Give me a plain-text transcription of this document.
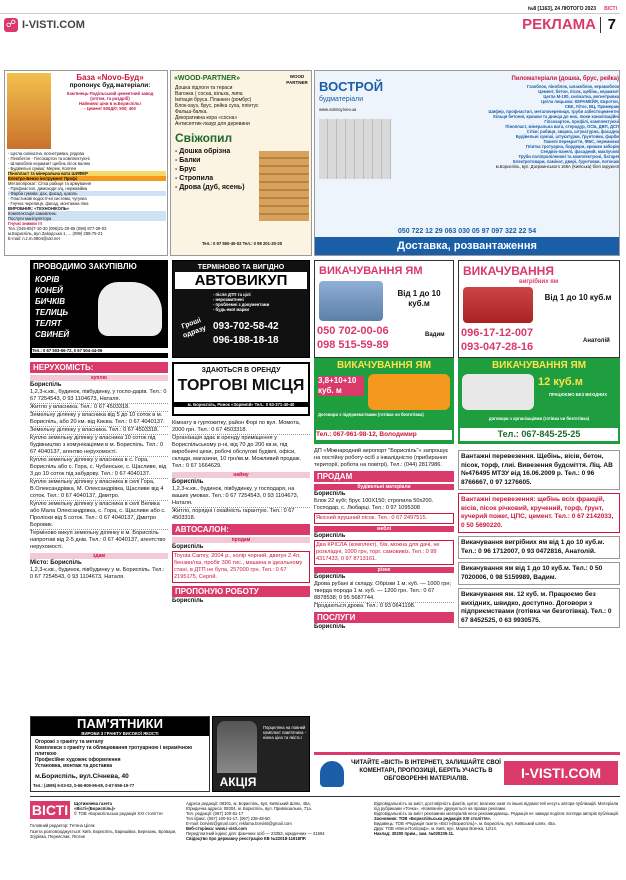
№8 [1163], 24 ЛЮТОГО 2023 ВІСТІ
☍ I-VISTI.COM	РЕКЛАМА 7
База «Novo-Буд»
пропонує буд.матеріали:
Кам'янець-Подільський цементний завод
(оптом, та роздріб)
Найнижчі ціни в м.Бориспіль!
- Цемент 500Д/0; 500; 400
- Цегла силікатна, вогнетривка, рядова
- Пінобетон - Гіпсокартон та комплектуючі
- Шлакоблок керамзит щебінь пісок валню
- Будівельні суміші; Мереж, Колпен
Пінопласт та мінеральна вата ШИФЕР
Електро-Бензо інструмент Профі
Металопрокат: Сітка рабиця та армування
- Профнастил, димоходи з/ц, нержавійка
- Фарба гумова: дах, фасад, цоколь
- Пластикові водостічні системи, чугунка
- Гнучка черепиця, фасад, монтажна піна
ВИРОБНИК: «ТЕХНОНІКОЛЬ»
Комплектація замовлень
Послуги маніпулятора
Гнучкі знижки !!!
Тел.:(045-95)7-10-30 (096)21-20-85 (098) 877-29-03
м.Бориспіль, вул.Заводська 1, ... (099) 288-75-21
E-mail: n.z.m.0804@ukr.net
«WOOD-PARTNER»	WOOD PARTNER
Дошка підлоги та тераси
Вагонка ( сосна, вільха, липа
Імітація бруса. Планкен (ромбус)
Блок-хауз, брус, рейка сухa, плінтус
Фальш-балка.
Декоративна кора «сосна»
Антисептик-лазур для деревини
Свіжопил
- Дошка обрізна
- Балки
- Брус
- Стропила
- Дрова (дуб, ясень)
Тел.: 0 97 550-40-02 Тел.: 0 98 201-20-20
ВОСТРОЙ
будматеріали
www.vostroy.kiev.ua
Пиломатеріали (дошка, брус, рейка)
Газоблок, піноблок, шлакоблок, керамоблок
Цемент, бетон, пісок, щебінь, керамзит
Цегла М-100, силікатна, вогнетривка
Цегла лицьова: КЕРАМЕЙЯ, Єврoтон,
СБК, Літос, ВЦ, Примерам
Шифер, профнастил, металочерепиця, труби азбестоцементні
Кільця бетонні, кришки та днища до них, люки каналізаційні
Гіпсокартон, профілі, комплектуючі
Пінопласт, мінеральна вата, стеродур, ОСБ, ДВП, ДСП
Сітки: рабиця, зварна, штукатурна, фасадна
Будівельні суміші, штукатурки, ґрунтовки, фарби
Панелі перекриття, ФБС, перемички
Плитка тротуарна, бордюри, кришки заборів
Сендвіч-панелі, фасадний, маклучові
Труби поліпропіленові та комплектуючі, батареї
Електротовари, ламінат, двері, ґрунтовки, погонаж
м.Бориспіль, вул. Дзержинського 166А (Київська) біля окружної
050 722 12 29 063 030 05 97 097 322 22 54
Доставка, розвантаження
ПРОВОДИМО ЗАКУПІВЛЮ
КОРІВ
КОНЕЙ
БИЧКІВ
ТЕЛИЦЬ
ТЕЛЯТ
СВИНЕЙ
Тел.: 0 67 503-66-72, 0 67 504-44-06
ТЕРМІНОВО ТА ВИГІДНО
АВТОВИКУП
- після ДТП та цілі
- нерозмитнені
- проблемні з документами
- будь-якої марки
Гроші одразу 093-702-58-42
096-188-18-18
ВИКАЧУВАННЯ ЯМ
Від 1 до 10 куб.м
050 702-00-06
098 515-59-89
Вадим
ВИКАЧУВАННЯ
вигрібних ям
Від 1 до 10 куб.м
096-17-12-007
093-047-28-16	Анатолій
НЕРУХОМІСТЬ:
куплю
Бориспіль
1,2,3-к.кв., будинок, півбудинку, у госпо-дарів. Тел.: 0 67 7254543, 0 93 1104673, Наталя.
Житло у власника. Тел.: 0 67 4503318.
Земельну ділянку у власника від 5 до 10 соток в м. Бориспіль, або 20 км. від Києва. Тел.: 0 67 4040137.
Земельну ділянку у власника. Тел.: 0 67 4503318.
Куплю земельну ділянку у власника 10 соток під будівництво з комунікаціями в м. Бориспіль. Тел.: 0 67 4040137, агентво нерухомості.
Куплю земельну ділянку у власника в с. Гора, Бориспіль або с. Гора, с. Чубинське, с. Щасливе, від 3 до 10 соток під забудову. Тел.: 0 67 4040137.
Куплю земельну ділянку у власника в селі Гора, В.Олександрівка, М. Олександрівка, Щасливе від 4 соток. Тел.: 0 67 4040137, Дмитро.
Куплю земельну ділянку у власника в селі Велика або Мала Олександрівка, с. Гора, с. Щасливе або с. Проліски від 5 соток. Тел.: 0 67 4040137, Дмитро Боровик.
Терміново викуп земельну ділянку в м. Бориспіль напротові від 2-5 днів. Тел.: 0 67 4040137, агентство нерухомості.
здам
Місто: Бориспіль
1,2,3-к.кв., будинок, півбудинку у м. Бориспіль. Тел.: 0 67 7254543, 0 93 1104673, Наталя.
ЗДАЮТЬСЯ В ОРЕНДУ
ТОРГОВІ МІСЦЯ
м. Бориспіль, Ринок «Зорянпй» Тел.: 0 63-371-40-40
Кімнату в гуртожитку, район Форі по вул. Момота, 2000 грн. Тел.: 0 67 4503318.
Організація здає в оренду приміщення у Бориспільському р-ні, від 70 до 200 кв.м, під виробничі цехи, робочі обслугові будівлі, офіси, склади, магазини, 10 грн/кв.м. Можливий продаж. Тел.: 0 67 1664629.
найму
Бориспіль
1,2,3-к.кв., будинок, півбудинку, у господаря, на ваших умовах. Тел.: 0 67 7254543, 0 93 1104673, Наталя.
Житло, порядні і охайність гарантую. Тел.: 0 67 4503318.
АВТОСАЛОН:
продам
Бориспіль
Toyota Camry, 2004 р., колір чорний, двигун 2.4л, бензин/газ, пробіг 306 тис., машина в ідеальному стані, в ДТП не була, 257000 грн. Тел.: 0 67 2195175, Сергій.
ПРОПОНУЮ РОБОТУ
Бориспіль
ВИКАЧУВАННЯ ЯМ
3,8+10+10 куб. м
Договори з підприємствами (готівка чи безготівка)
Тел.: 067-961-98-12, Володимир
ДП «Міжнародний аеропорт "Бориспіль"» запрошує на постійну роботу осіб з інвалідністю (прибирання території, робота на повітрі). Тел.: (044) 2817986.
ПРОДАМ
будівельні матеріали
Бориспіль
Блок 22 кубі; брус 100Х150; стропила 50х200. Господар, с. Любарці. Тел.: 0 97 1095308
Якісний ярушний пісок. Тел.: 0 67 2497515.
меблі
Бориспіль
Два КРІСЛА (комплект), б/в, можна для дачі, не розкладні, 1000 грн, торг. самовивіз. Тел.: 0 99 4317433, 0 97 8713161.
різне
Бориспіль
Дрова рубані зі складу. Обрізки 1 м. куб. — 1000 грн; тверда порода 1 м. куб. — 1200 грн. Тел.: 0 67 8878538; 0 95 5687744.
Продаються дрова. Тел.: 0 93 0641198.
ПОСЛУГИ
Бориспіль
ВИКАЧУВАННЯ ЯМ
12 куб.м
ПРАЦЮЄМО БЕЗ ВИХІДНИХ
договори з організаціями (готівка чи безготівка)
Тел.: 067-845-25-25
Вантажні перевезення. Щебінь, вісів, бетон, пісок, торф, глиі. Вивезення будсміття. Ліц. АВ №476495 МТЗУ від 16.06.2009 р. Тел.: 0 96 8766667, 0 97 1276605.
Вантажні перевезення: щебінь всіх фракцій, вісів, пісок річковий, кручений, торф, ґрунт, кучерий пожег, ЦПС, цемент. Тел.: 0 67 2142033, 0 50 5690220.
Викачування вигрібних ям від 1 до 10 куб.м. Тел.: 0 96 1712007, 0 93 0472816, Анатолій.
Викачування ям від 1 до 10 куб.м. Тел.: 0 50 7020006, 0 98 5159989, Вадим.
Викачування ям. 12 куб. м. Працюємо без вихідних, швидко, доступно. Договори з підприємствами (готівка чи безготівка). Тел.: 0 67 8452525, 0 63 9930575.
ПАМ'ЯТНИКИ
ВИРОБИ З ГРАНІТУ ВИСОКОЇ ЯКОСТІ
Огорожі з граніту та металу
Комплекси з граніту та облицювання тротуарною і керамічною плиткою
Професійне художнє оформлення
Установка, монтаж та доставка
м.Бориспіль, вул.Січнева, 40
Тел.: (4595) 6-03-02, 0-66-909-96-69, 0-67-556-19-77	АКЦІЯ
Порцеляна на повний комплект пам'ятника - ніжна ціна та якість!
ЧИТАЙТЕ «ВІСТІ» В ІНТЕРНЕТІ, ЗАЛИШАЙТЕ СВОЇ КОМЕНТАРІ, ПРОПОЗИЦІЇ, БЕРІТЬ УЧАСТЬ В ОБГОВОРЕННІ МАТЕРІАЛІВ.	I-VISTI.COM
ВІСТІ	Щотижнева газета
«Вісті»(Бориспіль)»
© ТОВ «Бориспільська редакція ХХІ століття»
Головний редактор: Тетяна Ціляк
Газета розповсюджується: Київ, Бориспіль, Баришівка, Березань, Бровари, Згурівка, Переяслав, Яготин
Адреса редакції: 08301, м. Бориспіль, вул. Київський Шлях, 45а,
Юридична адреса: 08304, м. Бориспіль, вул. Привокзальна, 71а.
Тел. редакції: (067) 100-61-17
Тел./факс: (067) 100-61-17, (067) 238-48-50.
E-mail: borvisti@gmail.com; reklama.borvisti@gmail.com
Веб-сторінка: www.i-visti.com
Передплатний індекс для: фізичних осіб — 23353, юридичних — 41594
Свідоцтво про державну реєстрацію КВ №22018-11918ПР.
Відповідальність за зміст, достовірність фактів, цитат, власних назв та інших відомостей несуть автори публікацій. Матеріали під рубриками «Точка», «Компанія» друкуються на правах реклами.
Відповідальність за зміст рекламних матеріалів несе рекламодавець. Редакція не завжди поділяє погляди авторів публікацій.
Засновник: ТОВ «Бориспільська редакція ХХІ століття».
Видавець: ТОВ «Редакція газети «Вісті»(Бориспіль)», м. Бориспіль, вул. Київський шлях, 45а.
Друк: ТОВ «Мега-Поліграф», м. Київ, вул. Марка Вовчка, 12/14.
Наклад: 30200 прим., зам. №030235-11.
